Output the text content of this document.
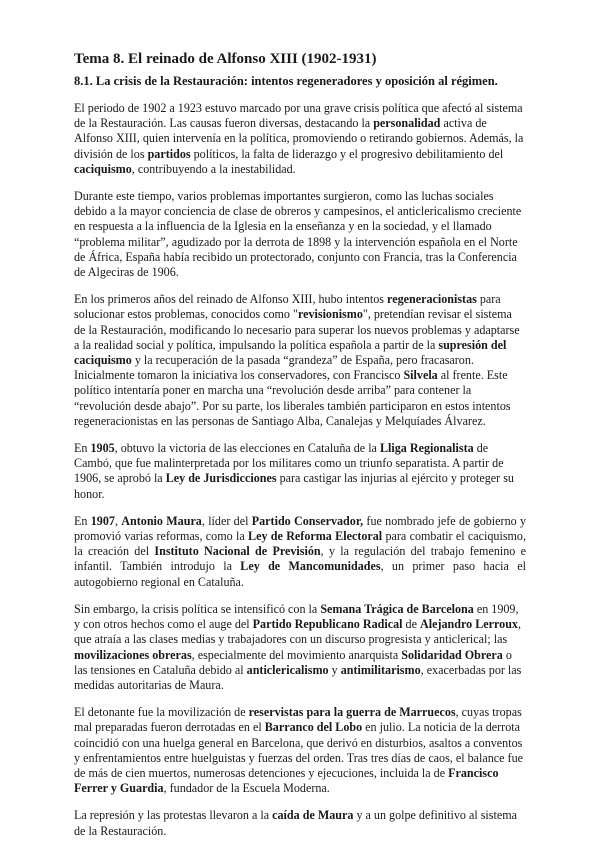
Tema 8. El reinado de Alfonso XIII (1902-1931)
8.1. La crisis de la Restauración: intentos regeneradores y oposición al régimen.

El periodo de 1902 a 1923 estuvo marcado por una grave crisis política que afectó al sistema de la Restauración. Las causas fueron diversas, destacando la personalidad activa de Alfonso XIII, quien intervenía en la política, promoviendo o retirando gobiernos. Además, la división de los partidos políticos, la falta de liderazgo y el progresivo debilitamiento del caciquismo, contribuyendo a la inestabilidad.

Durante este tiempo, varios problemas importantes surgieron, como las luchas sociales debido a la mayor conciencia de clase de obreros y campesinos, el anticlericalismo creciente en respuesta a la influencia de la Iglesia en la enseñanza y en la sociedad, y el llamado “problema militar”, agudizado por la derrota de 1898 y la intervención española en el Norte de África, España había recibido un protectorado, conjunto con Francia, tras la Conferencia de Algeciras de 1906.

En los primeros años del reinado de Alfonso XIII, hubo intentos regeneracionistas para solucionar estos problemas, conocidos como "revisionismo", pretendían revisar el sistema de la Restauración, modificando lo necesario para superar los nuevos problemas y adaptarse a la realidad social y política, impulsando la política española a partir de la supresión del caciquismo y la recuperación de la pasada “grandeza” de España, pero fracasaron. Inicialmente tomaron la iniciativa los conservadores, con Francisco Silvela al frente. Este político intentaría poner en marcha una “revolución desde arriba” para contener la “revolución desde abajo”. Por su parte, los liberales también participaron en estos intentos regeneracionistas en las personas de Santiago Alba, Canalejas y Melquíades Álvarez.

En 1905, obtuvo la victoria de las elecciones en Cataluña de la Lliga Regionalista de Cambó, que fue malinterpretada por los militares como un triunfo separatista. A partir de 1906, se aprobó la Ley de Jurisdicciones para castigar las injurias al ejército y proteger su honor.

En 1907, Antonio Maura, líder del Partido Conservador, fue nombrado jefe de gobierno y promovió varias reformas, como la Ley de Reforma Electoral para combatir el caciquismo, la creación del Instituto Nacional de Previsión, y la regulación del trabajo femenino e infantil. También introdujo la Ley de Mancomunidades, un primer paso hacia el autogobierno regional en Cataluña.

Sin embargo, la crisis política se intensificó con la Semana Trágica de Barcelona en 1909, y con otros hechos como el auge del Partido Republicano Radical de Alejandro Lerroux, que atraía a las clases medias y trabajadores con un discurso progresista y anticlerical; las movilizaciones obreras, especialmente del movimiento anarquista Solidaridad Obrera o las tensiones en Cataluña debido al anticlericalismo y antimilitarismo, exacerbadas por las medidas autoritarias de Maura.

El detonante fue la movilización de reservistas para la guerra de Marruecos, cuyas tropas mal preparadas fueron derrotadas en el Barranco del Lobo en julio. La noticia de la derrota coincidió con una huelga general en Barcelona, que derivó en disturbios, asaltos a conventos y enfrentamientos entre huelguistas y fuerzas del orden. Tras tres días de caos, el balance fue de más de cien muertos, numerosas detenciones y ejecuciones, incluida la de Francisco Ferrer y Guardia, fundador de la Escuela Moderna.

La represión y las protestas llevaron a la caída de Maura y a un golpe definitivo al sistema de la Restauración.
